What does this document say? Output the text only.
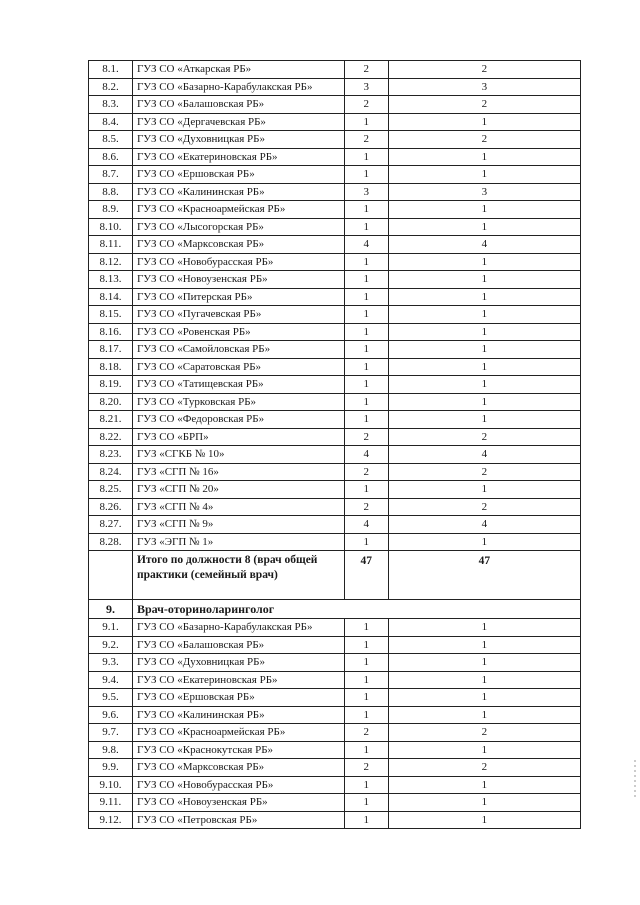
8.1.	ГУЗ СО «Аткарская РБ»	2	2
8.2.	ГУЗ СО «Базарно-Карабулакская РБ»	3	3
8.3.	ГУЗ СО «Балашовская РБ»	2	2
8.4.	ГУЗ СО «Дергачевская РБ»	1	1
8.5.	ГУЗ СО «Духовницкая РБ»	2	2
8.6.	ГУЗ СО «Екатериновская РБ»	1	1
8.7.	ГУЗ СО «Ершовская РБ»	1	1
8.8.	ГУЗ СО «Калининская РБ»	3	3
8.9.	ГУЗ СО «Красноармейская РБ»	1	1
8.10.	ГУЗ СО «Лысогорская РБ»	1	1
8.11.	ГУЗ СО «Марксовская РБ»	4	4
8.12.	ГУЗ СО «Новобурасская РБ»	1	1
8.13.	ГУЗ СО «Новоузенская РБ»	1	1
8.14.	ГУЗ СО «Питерская РБ»	1	1
8.15.	ГУЗ СО «Пугачевская РБ»	1	1
8.16.	ГУЗ СО «Ровенская РБ»	1	1
8.17.	ГУЗ СО «Самойловская РБ»	1	1
8.18.	ГУЗ СО «Саратовская РБ»	1	1
8.19.	ГУЗ СО «Татищевская РБ»	1	1
8.20.	ГУЗ СО «Турковская РБ»	1	1
8.21.	ГУЗ СО «Федоровская РБ»	1	1
8.22.	ГУЗ СО «БРП»	2	2
8.23.	ГУЗ «СГКБ № 10»	4	4
8.24.	ГУЗ «СГП № 16»	2	2
8.25.	ГУЗ «СГП № 20»	1	1
8.26.	ГУЗ «СГП № 4»	2	2
8.27.	ГУЗ «СГП № 9»	4	4
8.28.	ГУЗ «ЭГП № 1»	1	1
	Итого по должности 8 (врач общей практики (семейный врач)	47	47
9.	Врач-оториноларинголог		
9.1.	ГУЗ СО «Базарно-Карабулакская РБ»	1	1
9.2.	ГУЗ СО «Балашовская РБ»	1	1
9.3.	ГУЗ СО «Духовницкая РБ»	1	1
9.4.	ГУЗ СО «Екатериновская РБ»	1	1
9.5.	ГУЗ СО «Ершовская РБ»	1	1
9.6.	ГУЗ СО «Калининская РБ»	1	1
9.7.	ГУЗ СО «Красноармейская РБ»	2	2
9.8.	ГУЗ СО «Краснокутская РБ»	1	1
9.9.	ГУЗ СО «Марксовская РБ»	2	2
9.10.	ГУЗ СО «Новобурасская РБ»	1	1
9.11.	ГУЗ СО «Новоузенская РБ»	1	1
9.12.	ГУЗ СО «Петровская РБ»	1	1
